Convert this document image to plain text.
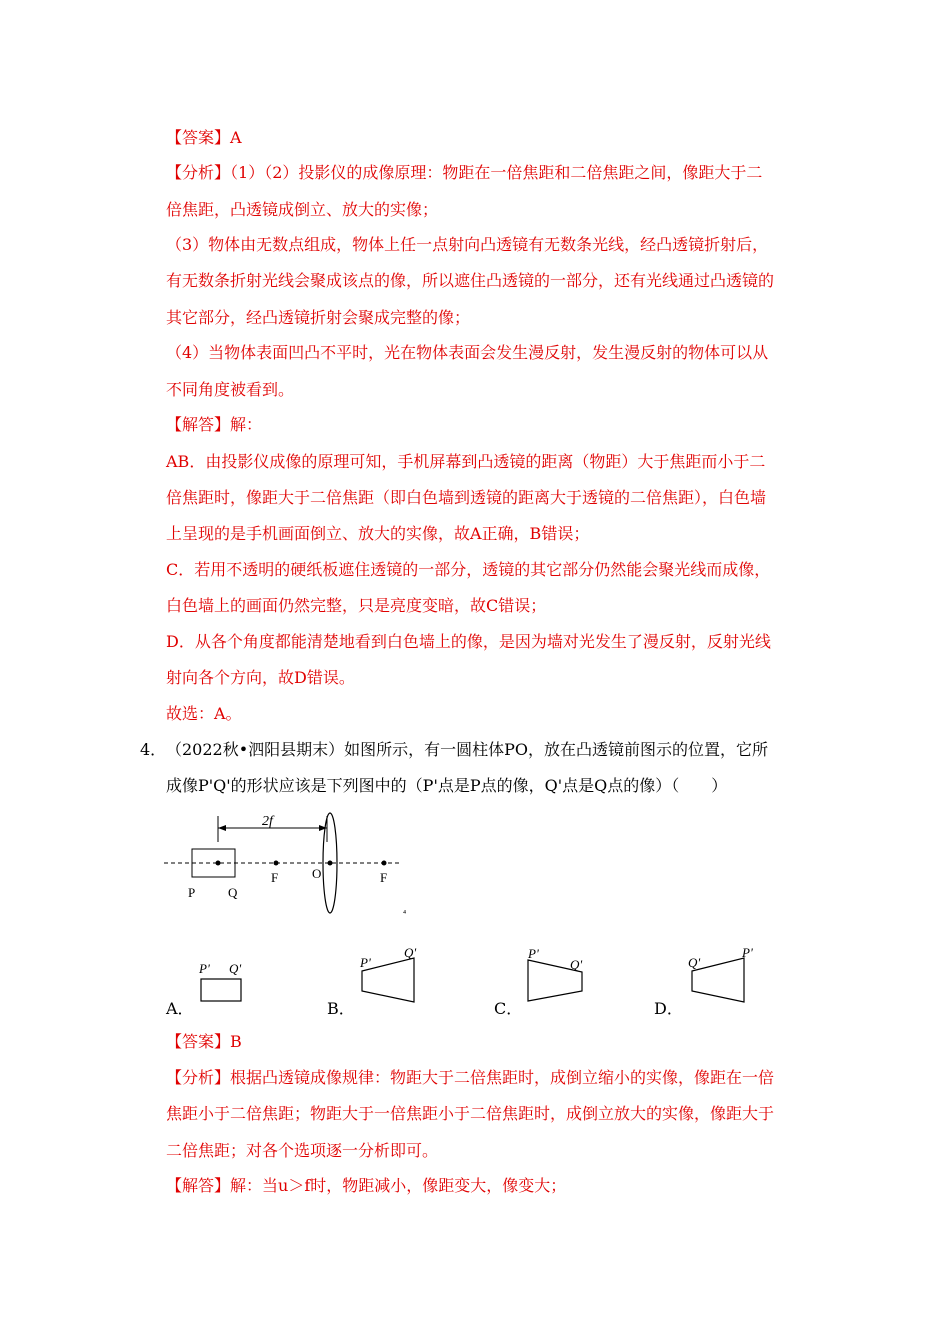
【答案】A
【分析】（1）（2）投影仪的成像原理：物距在一倍焦距和二倍焦距之间，像距大于二
倍焦距，凸透镜成倒立、放大的实像；
（3）物体由无数点组成，物体上任一点射向凸透镜有无数条光线，经凸透镜折射后，
有无数条折射光线会聚成该点的像，所以遮住凸透镜的一部分，还有光线通过凸透镜的
其它部分，经凸透镜折射会聚成完整的像；
（4）当物体表面凹凸不平时，光在物体表面会发生漫反射，发生漫反射的物体可以从
不同角度被看到。
【解答】解：
AB．由投影仪成像的原理可知，手机屏幕到凸透镜的距离（物距）大于焦距而小于二
倍焦距时，像距大于二倍焦距（即白色墙到透镜的距离大于透镜的二倍焦距），白色墙
上呈现的是手机画面倒立、放大的实像，故A正确，B错误；
C．若用不透明的硬纸板遮住透镜的一部分，透镜的其它部分仍然能会聚光线而成像，
白色墙上的画面仍然完整，只是亮度变暗，故C错误；
D．从各个角度都能清楚地看到白色墙上的像，是因为墙对光发生了漫反射，反射光线
射向各个方向，故D错误。
故选：A。
4． （2022秋•泗阳县期末）如图所示，有一圆柱体PO，放在凸透镜前图示的位置，它所
成像P'Q'的形状应该是下列图中的（P'点是P点的像，Q'点是Q点的像）（　　）
2f
P	Q
F	O	F
⁴
A．
P' Q'
B．
P'
Q'
C．
P'
Q'
D．
Q'
P'
【答案】B
【分析】根据凸透镜成像规律：物距大于二倍焦距时，成倒立缩小的实像，像距在一倍
焦距小于二倍焦距；物距大于一倍焦距小于二倍焦距时，成倒立放大的实像，像距大于
二倍焦距；对各个选项逐一分析即可。
【解答】解：当u＞f时，物距减小，像距变大，像变大；
